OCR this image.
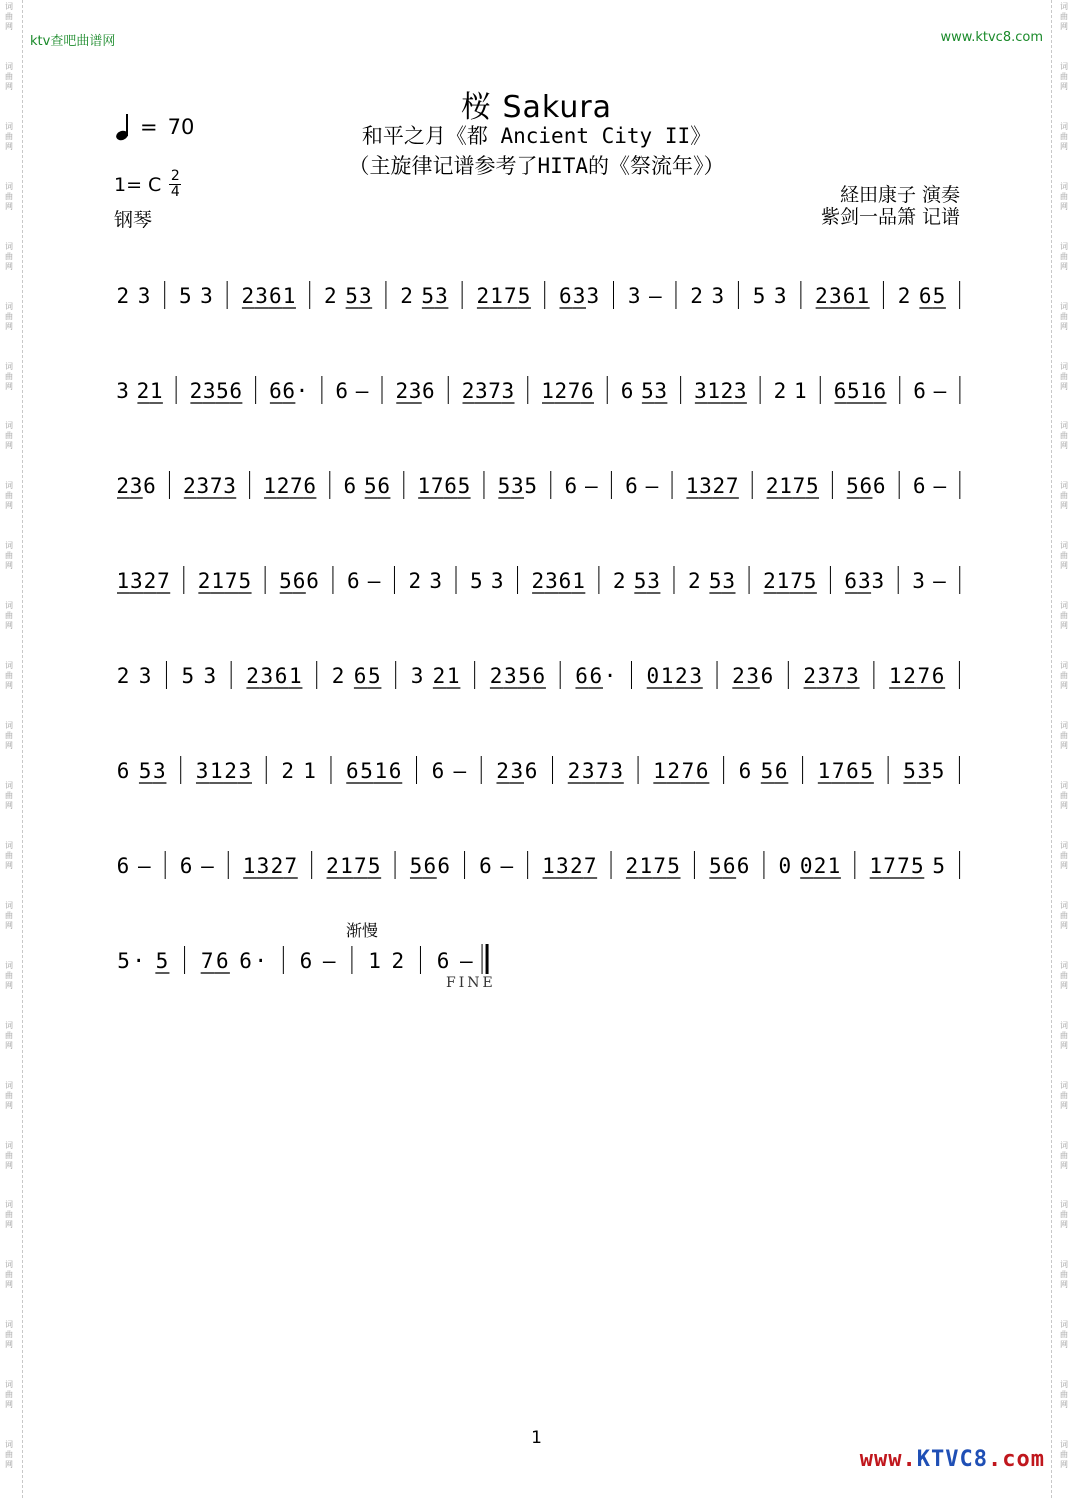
词
曲
网
词
曲
网
词
曲
网
词
曲
网
词
曲
网
词
曲
网
词
曲
网
词
曲
网
词
曲
网
词
曲
网
词
曲
网
词
曲
网
词
曲
网
词
曲
网
词
曲
网
词
曲
网
词
曲
网
词
曲
网
词
曲
网
词
曲
网
词
曲
网
词
曲
网
词
曲
网
词
曲
网
词
曲
网
词
曲
网
词
曲
网
词
曲
网
词
曲
网
词
曲
网
词
曲
网
词
曲
网
词
曲
网
词
曲
网
词
曲
网
词
曲
网
词
曲
网
词
曲
网
词
曲
网
词
曲
网
词
曲
网
词
曲
网
词
曲
网
词
曲
网
词
曲
网
词
曲
网
词
曲
网
词
曲
网
词
曲
网
词
曲
网
ktv查吧曲谱网	www.ktvc8.com
桜 Sakura
和平之月《都 Ancient City II》
（主旋律记谱参考了HITA的《祭流年》）
= 70
1= C 2
4
钢琴
経田康子 演奏
紫剑一品箫 记谱
2 3 5 3 2 3 6 1 2 5 3 2 5 3 2 1 7 5 6 3 3 3 – 2 3 5 3 2 3 6 1 2 6 5
3 2 1 2 3 5 6 6 6 · 6 – 2 3 6 2 3 7 3 1 2 7 6 6 5 3 3 1 2 3 2 1 6 5 1 6 6 –
2 3 6 2 3 7 3 1 2 7 6 6 5 6 1 7 6 5 5 3 5 6 – 6 – 1 3 2 7 2 1 7 5 5 6 6 6 –
1 3 2 7 2 1 7 5 5 6 6 6 – 2 3 5 3 2 3 6 1 2 5 3 2 5 3 2 1 7 5 6 3 3 3 –
2 3 5 3 2 3 6 1 2 6 5 3 2 1 2 3 5 6 6 6 · 0 1 2 3 2 3 6 2 3 7 3 1 2 7 6
6 5 3 3 1 2 3 2 1 6 5 1 6 6 – 2 3 6 2 3 7 3 1 2 7 6 6 5 6 1 7 6 5 5 3 5
6 – 6 – 1 3 2 7 2 1 7 5 5 6 6 6 – 1 3 2 7 2 1 7 5 5 6 6 0 0 2 1 1 7 7 5 5
5 · 5 7 6 6 · 6 – 1 2 6 –
渐慢
FINE
1
www.KTVC8.com
